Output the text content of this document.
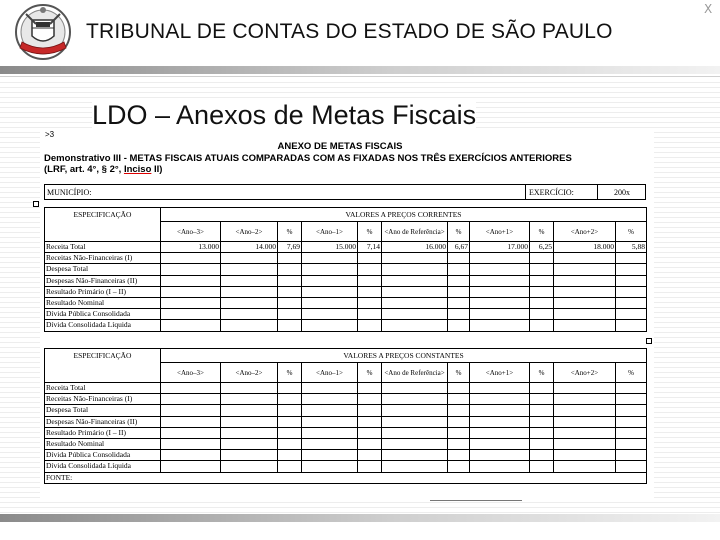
TRIBUNAL DE CONTAS DO ESTADO DE SÃO PAULO
X
LDO – Anexos de Metas Fiscais
>3
ANEXO DE METAS FISCAIS
Demonstrativo III - METAS FISCAIS ATUAIS COMPARADAS COM AS FIXADAS NOS TRÊS EXERCÍCIOS ANTERIORES
(LRF, art. 4°, § 2°, Inciso II)
MUNICÍPIO:	EXERCÍCIO:	200x
ESPECIFICAÇÃO	VALORES A PREÇOS CORRENTES										
	<Ano–3>	<Ano–2>	%	<Ano–1>	%	<Ano de Referência>	%	<Ano+1>	%	<Ano+2>	%
Receita Total	13.000	14.000	7,69	15.000	7,14	16.000	6,67	17.000	6,25	18.000	5,88
Receitas Não-Financeiras (I)											
Despesa Total											
Despesas Não-Financeiras (II)											
Resultado Primário (I – II)											
Resultado Nominal											
Dívida Pública Consolidada											
Dívida Consolidada Líquida											
ESPECIFICAÇÃO	VALORES A PREÇOS CONSTANTES										
	<Ano–3>	<Ano–2>	%	<Ano–1>	%	<Ano de Referência>	%	<Ano+1>	%	<Ano+2>	%
Receita Total											
Receitas Não-Financeiras (I)											
Despesa Total											
Despesas Não-Financeiras (II)											
Resultado Primário (I – II)											
Resultado Nominal											
Dívida Pública Consolidada											
Dívida Consolidada Líquida											
FONTE:											
